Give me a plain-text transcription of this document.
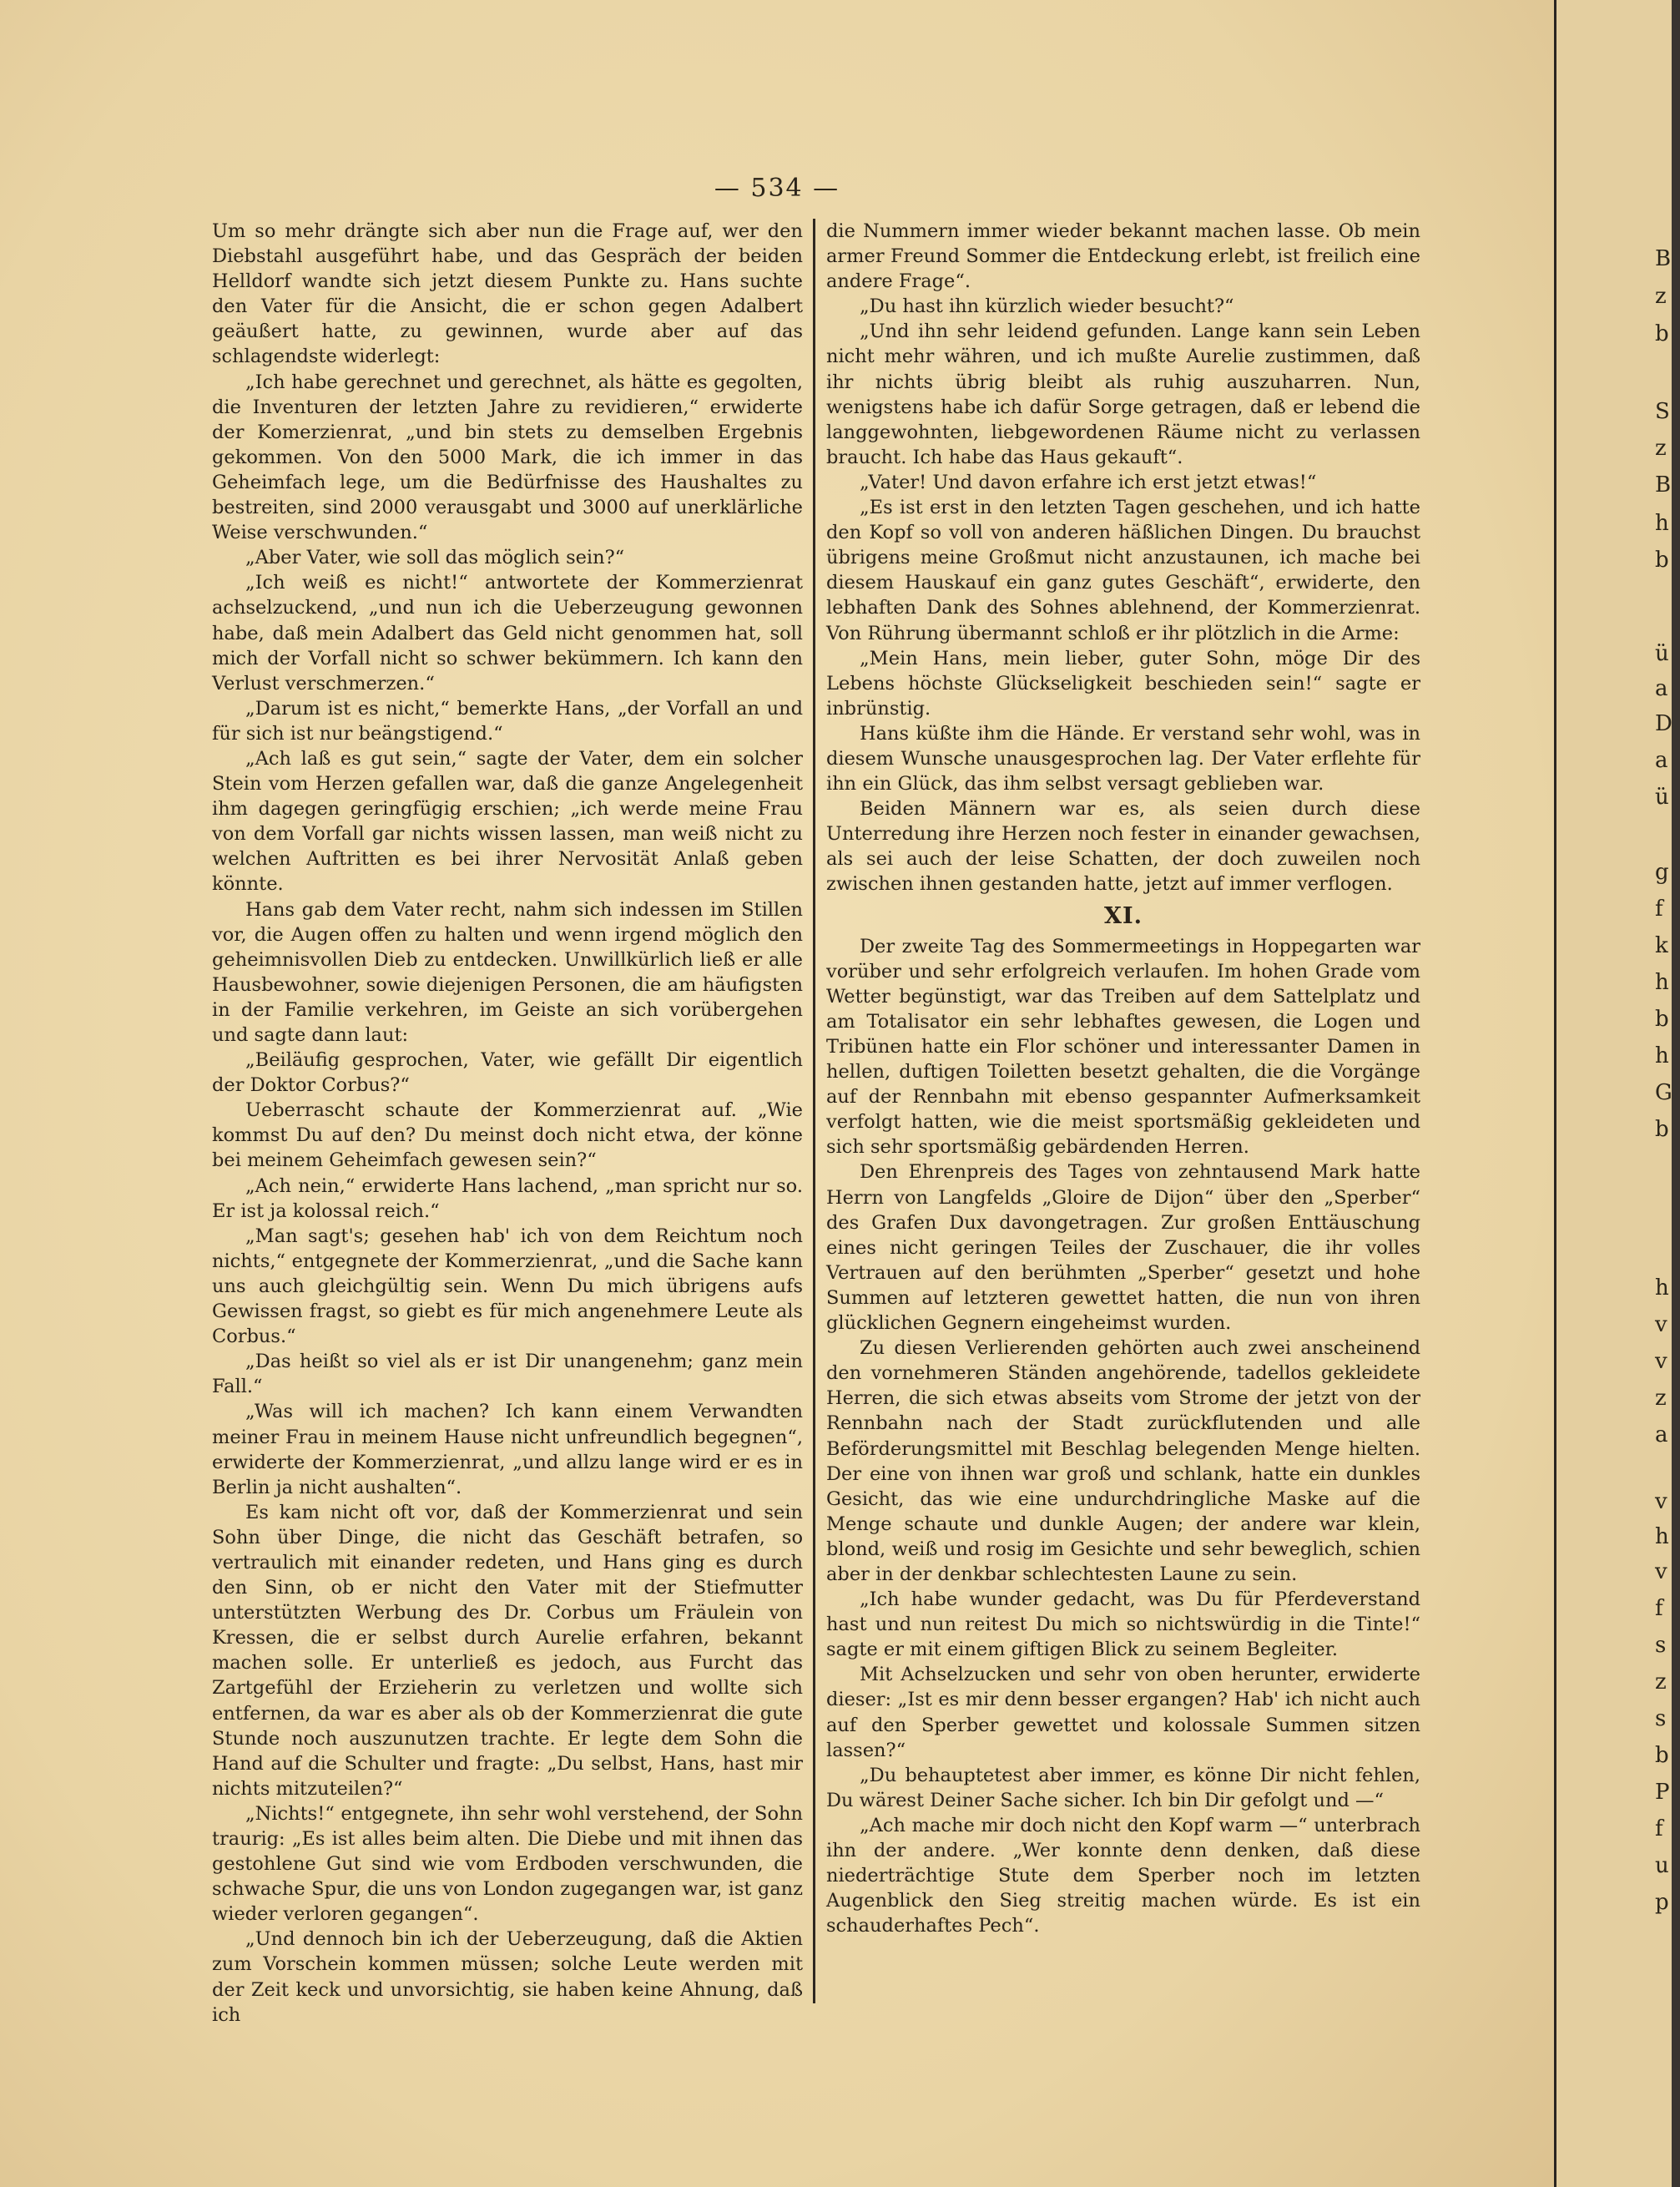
— 534 —

Um so mehr drängte sich aber nun die Frage auf, wer den Diebstahl ausgeführt habe, und das Gespräch der beiden Helldorf wandte sich jetzt diesem Punkte zu. Hans suchte den Vater für die Ansicht, die er schon gegen Adalbert geäußert hatte, zu gewinnen, wurde aber auf das schlagendste widerlegt:

„Ich habe gerechnet und gerechnet, als hätte es gegolten, die Inventuren der letzten Jahre zu revidieren,“ erwiderte der Komerzienrat, „und bin stets zu demselben Ergebnis gekommen. Von den 5000 Mark, die ich immer in das Geheimfach lege, um die Bedürfnisse des Haushaltes zu bestreiten, sind 2000 verausgabt und 3000 auf unerklärliche Weise verschwunden.“

„Aber Vater, wie soll das möglich sein?“

„Ich weiß es nicht!“ antwortete der Kommerzienrat achselzuckend, „und nun ich die Ueberzeugung gewonnen habe, daß mein Adalbert das Geld nicht genommen hat, soll mich der Vorfall nicht so schwer bekümmern. Ich kann den Verlust verschmerzen.“

„Darum ist es nicht,“ bemerkte Hans, „der Vorfall an und für sich ist nur beängstigend.“

„Ach laß es gut sein,“ sagte der Vater, dem ein solcher Stein vom Herzen gefallen war, daß die ganze Angelegenheit ihm dagegen geringfügig erschien; „ich werde meine Frau von dem Vorfall gar nichts wissen lassen, man weiß nicht zu welchen Auftritten es bei ihrer Nervosität Anlaß geben könnte.

Hans gab dem Vater recht, nahm sich indessen im Stillen vor, die Augen offen zu halten und wenn irgend möglich den geheimnisvollen Dieb zu entdecken. Unwillkürlich ließ er alle Hausbewohner, sowie diejenigen Personen, die am häufigsten in der Familie verkehren, im Geiste an sich vorübergehen und sagte dann laut:

„Beiläufig gesprochen, Vater, wie gefällt Dir eigentlich der Doktor Corbus?“

Ueberrascht schaute der Kommerzienrat auf. „Wie kommst Du auf den? Du meinst doch nicht etwa, der könne bei meinem Geheimfach gewesen sein?“

„Ach nein,“ erwiderte Hans lachend, „man spricht nur so. Er ist ja kolossal reich.“

„Man sagt's; gesehen hab' ich von dem Reichtum noch nichts,“ entgegnete der Kommerzienrat, „und die Sache kann uns auch gleichgültig sein. Wenn Du mich übrigens aufs Gewissen fragst, so giebt es für mich angenehmere Leute als Corbus.“

„Das heißt so viel als er ist Dir unangenehm; ganz mein Fall.“

„Was will ich machen? Ich kann einem Verwandten meiner Frau in meinem Hause nicht unfreundlich begegnen“, erwiderte der Kommerzienrat, „und allzu lange wird er es in Berlin ja nicht aushalten“.

Es kam nicht oft vor, daß der Kommerzienrat und sein Sohn über Dinge, die nicht das Geschäft betrafen, so vertraulich mit einander redeten, und Hans ging es durch den Sinn, ob er nicht den Vater mit der Stiefmutter unterstützten Werbung des Dr. Corbus um Fräulein von Kressen, die er selbst durch Aurelie erfahren, bekannt machen solle. Er unterließ es jedoch, aus Furcht das Zartgefühl der Erzieherin zu verletzen und wollte sich entfernen, da war es aber als ob der Kommerzienrat die gute Stunde noch auszunutzen trachte. Er legte dem Sohn die Hand auf die Schulter und fragte: „Du selbst, Hans, hast mir nichts mitzuteilen?“

„Nichts!“ entgegnete, ihn sehr wohl verstehend, der Sohn traurig: „Es ist alles beim alten. Die Diebe und mit ihnen das gestohlene Gut sind wie vom Erdboden verschwunden, die schwache Spur, die uns von London zugegangen war, ist ganz wieder verloren gegangen“.

„Und dennoch bin ich der Ueberzeugung, daß die Aktien zum Vorschein kommen müssen; solche Leute werden mit der Zeit keck und unvorsichtig, sie haben keine Ahnung, daß ich

die Nummern immer wieder bekannt machen lasse. Ob mein armer Freund Sommer die Entdeckung erlebt, ist freilich eine andere Frage“.

„Du hast ihn kürzlich wieder besucht?“

„Und ihn sehr leidend gefunden. Lange kann sein Leben nicht mehr währen, und ich mußte Aurelie zustimmen, daß ihr nichts übrig bleibt als ruhig auszuharren. Nun, wenigstens habe ich dafür Sorge getragen, daß er lebend die langgewohnten, liebgewordenen Räume nicht zu verlassen braucht. Ich habe das Haus gekauft“.

„Vater! Und davon erfahre ich erst jetzt etwas!“

„Es ist erst in den letzten Tagen geschehen, und ich hatte den Kopf so voll von anderen häßlichen Dingen. Du brauchst übrigens meine Großmut nicht anzustaunen, ich mache bei diesem Hauskauf ein ganz gutes Geschäft“, erwiderte, den lebhaften Dank des Sohnes ablehnend, der Kommerzienrat. Von Rührung übermannt schloß er ihr plötzlich in die Arme:

„Mein Hans, mein lieber, guter Sohn, möge Dir des Lebens höchste Glückseligkeit beschieden sein!“ sagte er inbrünstig.

Hans küßte ihm die Hände. Er verstand sehr wohl, was in diesem Wunsche unausgesprochen lag. Der Vater erflehte für ihn ein Glück, das ihm selbst versagt geblieben war.

Beiden Männern war es, als seien durch diese Unterredung ihre Herzen noch fester in einander gewachsen, als sei auch der leise Schatten, der doch zuweilen noch zwischen ihnen gestanden hatte, jetzt auf immer verflogen.

XI.

Der zweite Tag des Sommermeetings in Hoppegarten war vorüber und sehr erfolgreich verlaufen. Im hohen Grade vom Wetter begünstigt, war das Treiben auf dem Sattelplatz und am Totalisator ein sehr lebhaftes gewesen, die Logen und Tribünen hatte ein Flor schöner und interessanter Damen in hellen, duftigen Toiletten besetzt gehalten, die die Vorgänge auf der Rennbahn mit ebenso gespannter Aufmerksamkeit verfolgt hatten, wie die meist sportsmäßig gekleideten und sich sehr sportsmäßig gebärdenden Herren.

Den Ehrenpreis des Tages von zehntausend Mark hatte Herrn von Langfelds „Gloire de Dijon“ über den „Sperber“ des Grafen Dux davongetragen. Zur großen Enttäuschung eines nicht geringen Teiles der Zuschauer, die ihr volles Vertrauen auf den berühmten „Sperber“ gesetzt und hohe Summen auf letzteren gewettet hatten, die nun von ihren glücklichen Gegnern eingeheimst wurden.

Zu diesen Verlierenden gehörten auch zwei anscheinend den vornehmeren Ständen angehörende, tadellos gekleidete Herren, die sich etwas abseits vom Strome der jetzt von der Rennbahn nach der Stadt zurückflutenden und alle Beförderungsmittel mit Beschlag belegenden Menge hielten. Der eine von ihnen war groß und schlank, hatte ein dunkles Gesicht, das wie eine undurchdringliche Maske auf die Menge schaute und dunkle Augen; der andere war klein, blond, weiß und rosig im Gesichte und sehr beweglich, schien aber in der denkbar schlechtesten Laune zu sein.

„Ich habe wunder gedacht, was Du für Pferdeverstand hast und nun reitest Du mich so nichtswürdig in die Tinte!“ sagte er mit einem giftigen Blick zu seinem Begleiter.

Mit Achselzucken und sehr von oben herunter, erwiderte dieser: „Ist es mir denn besser ergangen? Hab' ich nicht auch auf den Sperber gewettet und kolossale Summen sitzen lassen?“

„Du behauptetest aber immer, es könne Dir nicht fehlen, Du wärest Deiner Sache sicher. Ich bin Dir gefolgt und —“

„Ach mache mir doch nicht den Kopf warm —“ unterbrach ihn der andere. „Wer konnte denn denken, daß diese niederträchtige Stute dem Sperber noch im letzten Augenblick den Sieg streitig machen würde. Es ist ein schauderhaftes Pech“.

B
z
b
S
z
B
h
b
ü
a
D
a
ü
g
f
k
h
b
h
G
b
h
v
v
z
a
v
h
v
f
s
z
s
b
P
f
u
p
